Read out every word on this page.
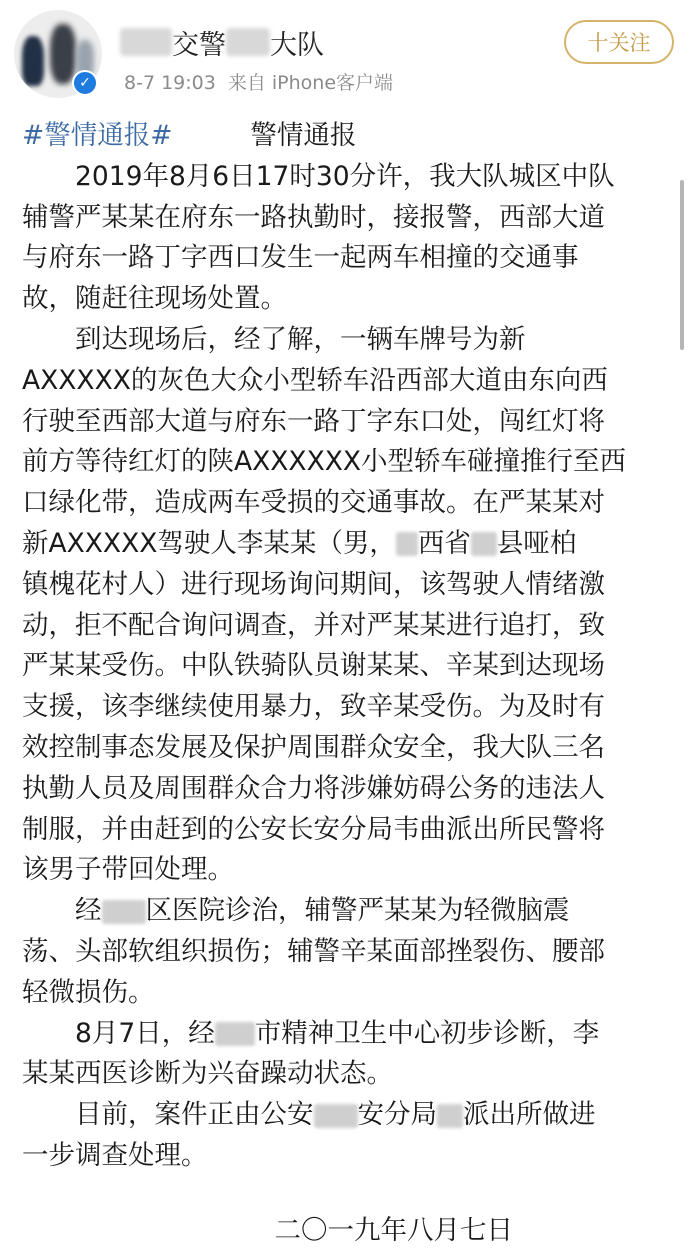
✓
交警 大队
8-7 19:03 来自 iPhone客户端
十关注
#警情通报#	警情通报
2019年8月6日17时30分许，我大队城区中队
辅警严某某在府东一路执勤时，接报警，西部大道
与府东一路丁字西口发生一起两车相撞的交通事
故，随赶往现场处置。
到达现场后，经了解，一辆车牌号为新
AXXXXX的灰色大众小型轿车沿西部大道由东向西
行驶至西部大道与府东一路丁字东口处，闯红灯将
前方等待红灯的陕AXXXXXX小型轿车碰撞推行至西
口绿化带，造成两车受损的交通事故。在严某某对
新AXXXXX驾驶人李某某（男， 西省 县哑柏
镇槐花村人）进行现场询问期间，该驾驶人情绪激
动，拒不配合询问调查，并对严某某进行追打，致
严某某受伤。中队铁骑队员谢某某、辛某到达现场
支援，该李继续使用暴力，致辛某受伤。为及时有
效控制事态发展及保护周围群众安全，我大队三名
执勤人员及周围群众合力将涉嫌妨碍公务的违法人
制服，并由赶到的公安长安分局韦曲派出所民警将
该男子带回处理。
经 区医院诊治，辅警严某某为轻微脑震
荡、头部软组织损伤；辅警辛某面部挫裂伤、腰部
轻微损伤。
8月7日，经 市精神卫生中心初步诊断，李
某某西医诊断为兴奋躁动状态。
目前，案件正由公安 安分局 派出所做进
一步调查处理。
二〇一九年八月七日
